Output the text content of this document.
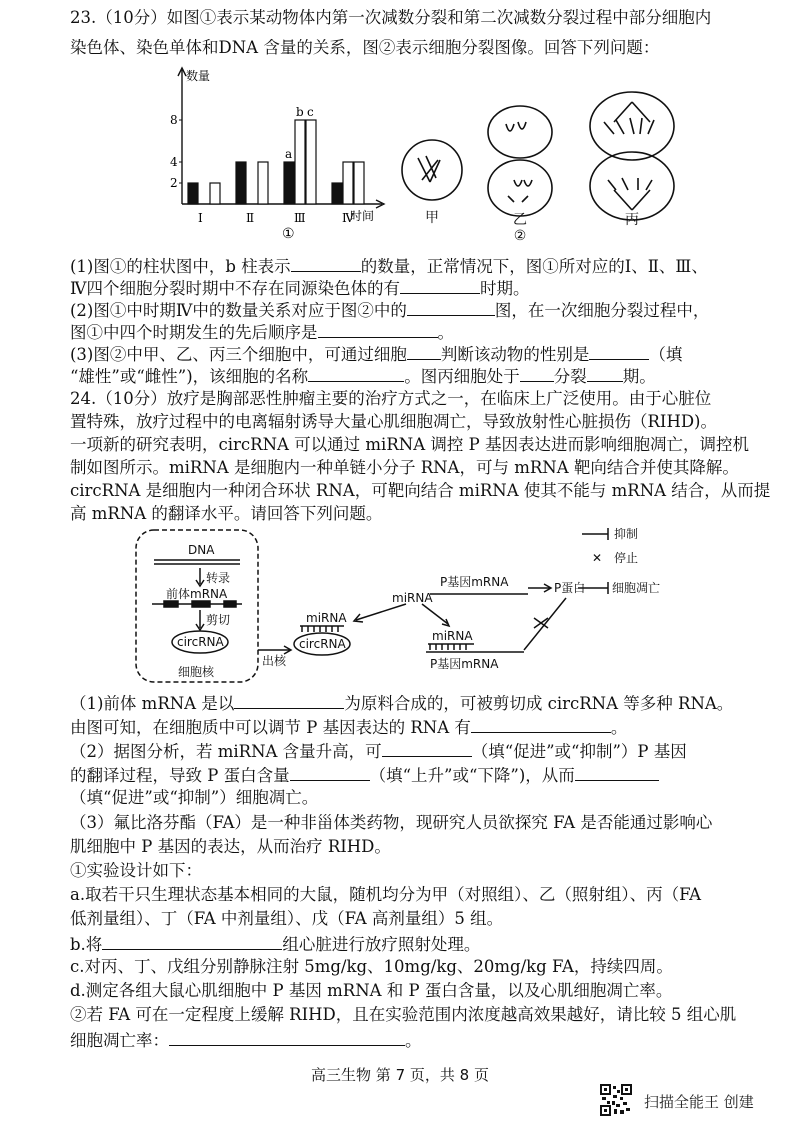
23.（10分）如图①表示某动物体内第一次减数分裂和第二次减数分裂过程中部分细胞内
染色体、染色单体和DNA 含量的关系，图②表示细胞分裂图像。回答下列问题：
数量
2
4
8
时间
Ⅰ	Ⅱ	Ⅲ	Ⅳ
a
b c
①
甲	乙	丙
②
(1)图①的柱状图中，b 柱表示	的数量，正常情况下，图①所对应的Ⅰ、Ⅱ、Ⅲ、
Ⅳ四个细胞分裂时期中不存在同源染色体的有	时期。
(2)图①中时期Ⅳ中的数量关系对应于图②中的	图，在一次细胞分裂过程中，
图①中四个时期发生的先后顺序是	。
(3)图②中甲、乙、丙三个细胞中，可通过细胞 判断该动物的性别是	（填
“雄性”或“雌性”)，该细胞的名称	。图丙细胞处于 分裂 期。
24.（10分）放疗是胸部恶性肿瘤主要的治疗方式之一，在临床上广泛使用。由于心脏位
置特殊，放疗过程中的电离辐射诱导大量心肌细胞凋亡，导致放射性心脏损伤（RIHD)。
一项新的研究表明，circRNA 可以通过 miRNA 调控 P 基因表达进而影响细胞凋亡，调控机
制如图所示。miRNA 是细胞内一种单链小分子 RNA，可与 mRNA 靶向结合并使其降解。
circRNA 是细胞内一种闭合环状 RNA，可靶向结合 miRNA 使其不能与 mRNA 结合，从而提
高 mRNA 的翻译水平。请回答下列问题。
DNA
转录
前体mRNA
剪切
circRNA
细胞核
出核
miRNA
circRNA
miRNA
P基因mRNA	P蛋白 细胞凋亡
miRNA
P基因mRNA
抑制
✕ 停止
（1)前体 mRNA 是以	为原料合成的，可被剪切成 circRNA 等多种 RNA。
由图可知，在细胞质中可以调节 P 基因表达的 RNA 有	。
（2）据图分析，若 miRNA 含量升高，可	（填“促进”或“抑制”）P 基因
的翻译过程，导致 P 蛋白含量	（填“上升”或“下降”)，从而
（填“促进”或“抑制”）细胞凋亡。
（3）氟比洛芬酯（FA）是一种非甾体类药物，现研究人员欲探究 FA 是否能通过影响心
肌细胞中 P 基因的表达，从而治疗 RIHD。
①实验设计如下：
a.取若干只生理状态基本相同的大鼠，随机均分为甲（对照组）、乙（照射组）、丙（FA
低剂量组）、丁（FA 中剂量组）、戊（FA 高剂量组）5 组。
b.将	组心脏进行放疗照射处理。
c.对丙、丁、戊组分别静脉注射 5mg/kg、10mg/kg、20mg/kg FA，持续四周。
d.测定各组大鼠心肌细胞中 P 基因 mRNA 和 P 蛋白含量，以及心肌细胞凋亡率。
②若 FA 可在一定程度上缓解 RIHD，且在实验范围内浓度越高效果越好，请比较 5 组心肌
细胞凋亡率：	。
高三生物 第 7 页，共 8 页
扫描全能王 创建
